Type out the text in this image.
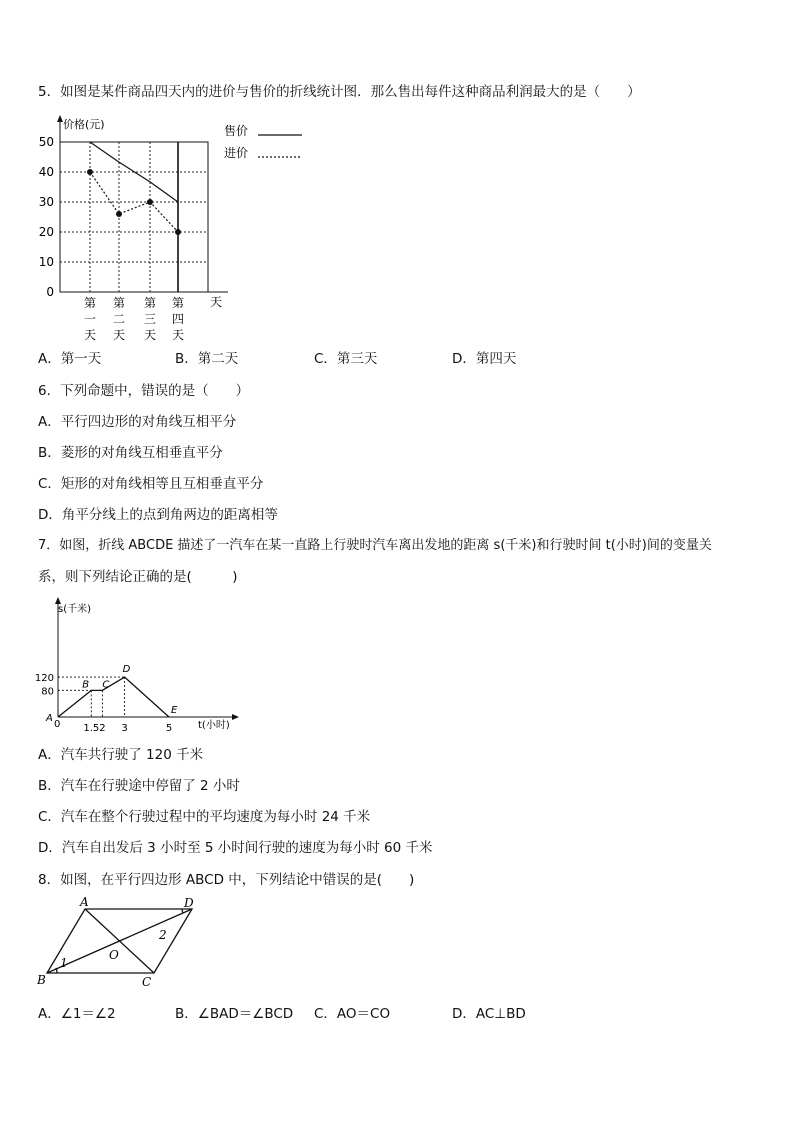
5．如图是某件商品四天内的进价与售价的折线统计图．那么售出每件这种商品利润最大的是（　　）
0
10
20
30
40
50
第
一
天
第
二
天
第
三
天
第
四
天
价格(元)
天
售价
进价
A．第一天	B．第二天	C．第三天	D．第四天
6．下列命题中，错误的是（　　）
A．平行四边形的对角线互相平分
B．菱形的对角线互相垂直平分
C．矩形的对角线相等且互相垂直平分
D．角平分线上的点到角两边的距离相等
7．如图，折线 ABCDE 描述了一汽车在某一直路上行驶时汽车离出发地的距离 s(千米)和行驶时间 t(小时)间的变量关
系，则下列结论正确的是(　　　)
80
120
1.5 2 3	5
A
B C
D
E
0
s(千米)
t(小时)
A．汽车共行驶了 120 千米
B．汽车在行驶途中停留了 2 小时
C．汽车在整个行驶过程中的平均速度为每小时 24 千米
D．汽车自出发后 3 小时至 5 小时间行驶的速度为每小时 60 千米
8．如图，在平行四边形 ABCD 中，下列结论中错误的是(　　)
A	D
B	C
O
1
2
A．∠1＝∠2	B．∠BAD＝∠BCD C．AO＝CO	D．AC⊥BD
